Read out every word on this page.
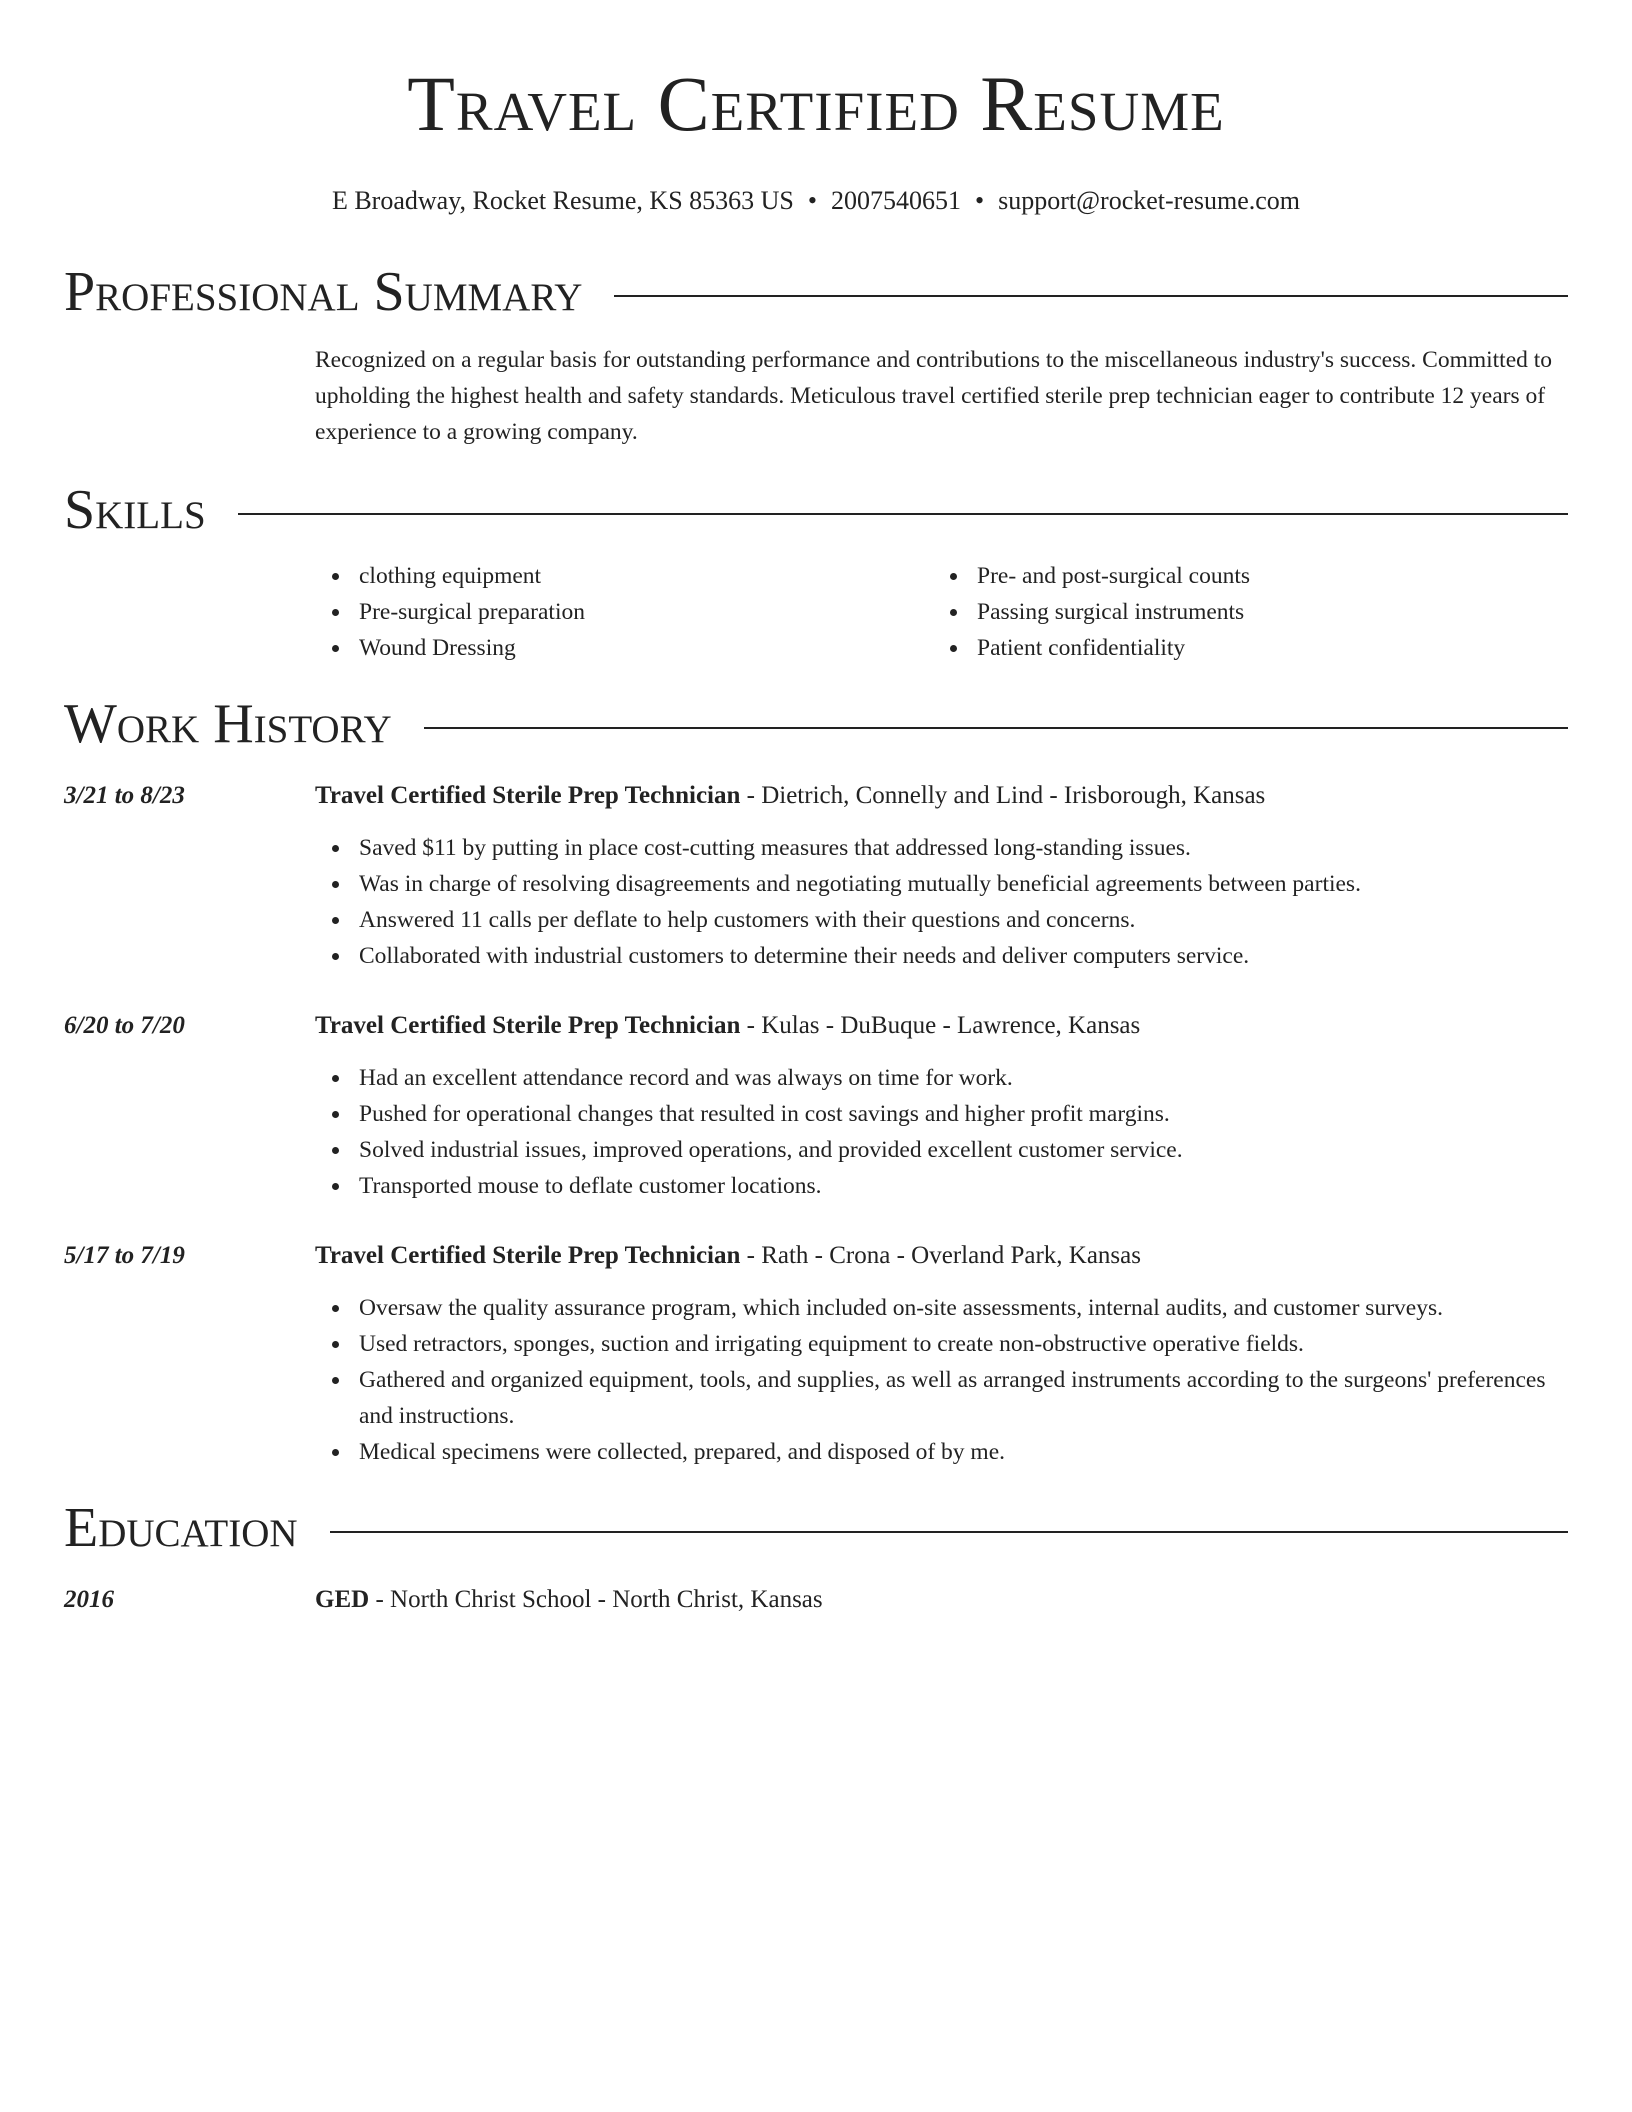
Travel Certified Resume
E Broadway, Rocket Resume, KS 85363 US • 2007540651 • support@rocket-resume.com
Professional Summary
Recognized on a regular basis for outstanding performance and contributions to the miscellaneous industry's success. Committed to upholding the highest health and safety standards. Meticulous travel certified sterile prep technician eager to contribute 12 years of experience to a growing company.
Skills
clothing equipment
Pre-surgical preparation
Wound Dressing
Pre- and post-surgical counts
Passing surgical instruments
Patient confidentiality
Work History
3/21 to 8/23	Travel Certified Sterile Prep Technician - Dietrich, Connelly and Lind - Irisborough, Kansas
Saved $11 by putting in place cost-cutting measures that addressed long-standing issues.
Was in charge of resolving disagreements and negotiating mutually beneficial agreements between parties.
Answered 11 calls per deflate to help customers with their questions and concerns.
Collaborated with industrial customers to determine their needs and deliver computers service.
6/20 to 7/20	Travel Certified Sterile Prep Technician - Kulas - DuBuque - Lawrence, Kansas
Had an excellent attendance record and was always on time for work.
Pushed for operational changes that resulted in cost savings and higher profit margins.
Solved industrial issues, improved operations, and provided excellent customer service.
Transported mouse to deflate customer locations.
5/17 to 7/19	Travel Certified Sterile Prep Technician - Rath - Crona - Overland Park, Kansas
Oversaw the quality assurance program, which included on-site assessments, internal audits, and customer surveys.
Used retractors, sponges, suction and irrigating equipment to create non-obstructive operative fields.
Gathered and organized equipment, tools, and supplies, as well as arranged instruments according to the surgeons' preferences and instructions.
Medical specimens were collected, prepared, and disposed of by me.
Education
2016	GED - North Christ School - North Christ, Kansas
